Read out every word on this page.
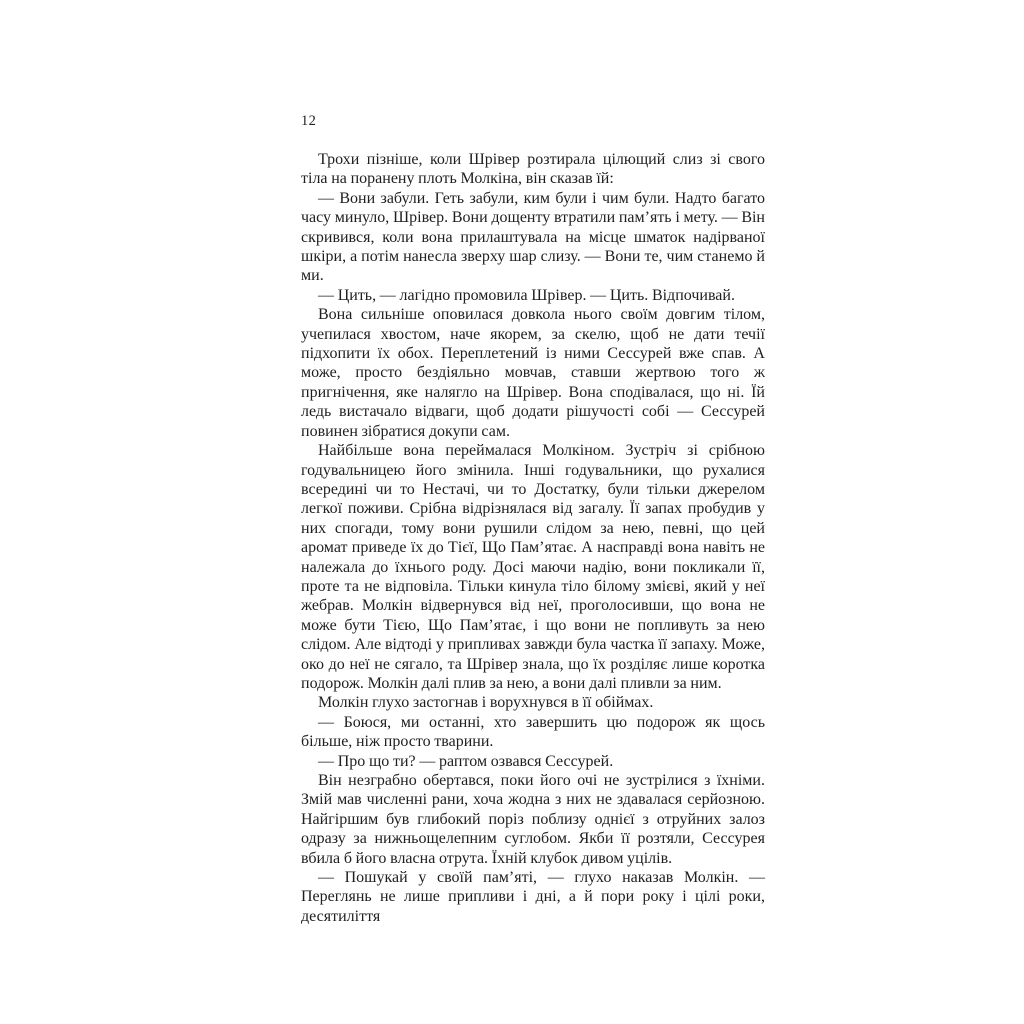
12

Трохи пізніше, коли Шрівер розтирала цілющий слиз зі свого тіла на поранену плоть Молкіна, він сказав їй:

— Вони забули. Геть забули, ким були і чим були. Надто багато часу минуло, Шрівер. Вони дощенту втратили пам’ять і мету. — Він скривився, коли вона прилаштувала на місце шматок надірваної шкіри, а потім нанесла зверху шар слизу. — Вони те, чим станемо й ми.

— Цить, — лагідно промовила Шрівер. — Цить. Відпочивай.

Вона сильніше оповилася довкола нього своїм довгим тілом, учепилася хвостом, наче якорем, за скелю, щоб не дати течії підхопити їх обох. Переплетений із ними Сессурей вже спав. А може, просто бездіяльно мовчав, ставши жертвою того ж пригнічення, яке налягло на Шрівер. Вона сподівалася, що ні. Їй ледь вистачало відваги, щоб додати рішучості собі — Сессурей повинен зібратися докупи сам.

Найбільше вона переймалася Молкіном. Зустріч зі срібною годувальницею його змінила. Інші годувальники, що рухалися всередині чи то Нестачі, чи то Достатку, були тільки джерелом легкої поживи. Срібна відрізнялася від загалу. Її запах пробудив у них спогади, тому вони рушили слідом за нею, певні, що цей аромат приведе їх до Тієї, Що Пам’ятає. А насправді вона навіть не належала до їхнього роду. Досі маючи надію, вони покликали її, проте та не відповіла. Тільки кинула тіло білому змієві, який у неї жебрав. Молкін відвернувся від неї, проголосивши, що вона не може бути Тією, Що Пам’ятає, і що вони не попливуть за нею слідом. Але відтоді у припливах завжди була частка її запаху. Може, око до неї не сягало, та Шрівер знала, що їх розділяє лише коротка подорож. Молкін далі плив за нею, а вони далі пливли за ним.

Молкін глухо застогнав і ворухнувся в її обіймах.

— Боюся, ми останні, хто завершить цю подорож як щось більше, ніж просто тварини.

— Про що ти? — раптом озвався Сессурей.

Він незграбно обертався, поки його очі не зустрілися з їхніми. Змій мав численні рани, хоча жодна з них не здавалася серйозною. Найгіршим був глибокий поріз поблизу однієї з отруйних залоз одразу за нижньощелепним суглобом. Якби її розтяли, Сессурея вбила б його власна отрута. Їхній клубок дивом уцілів.

— Пошукай у своїй пам’яті, — глухо наказав Молкін. — Переглянь не лише припливи і дні, а й пори року і цілі роки, десятиліття
